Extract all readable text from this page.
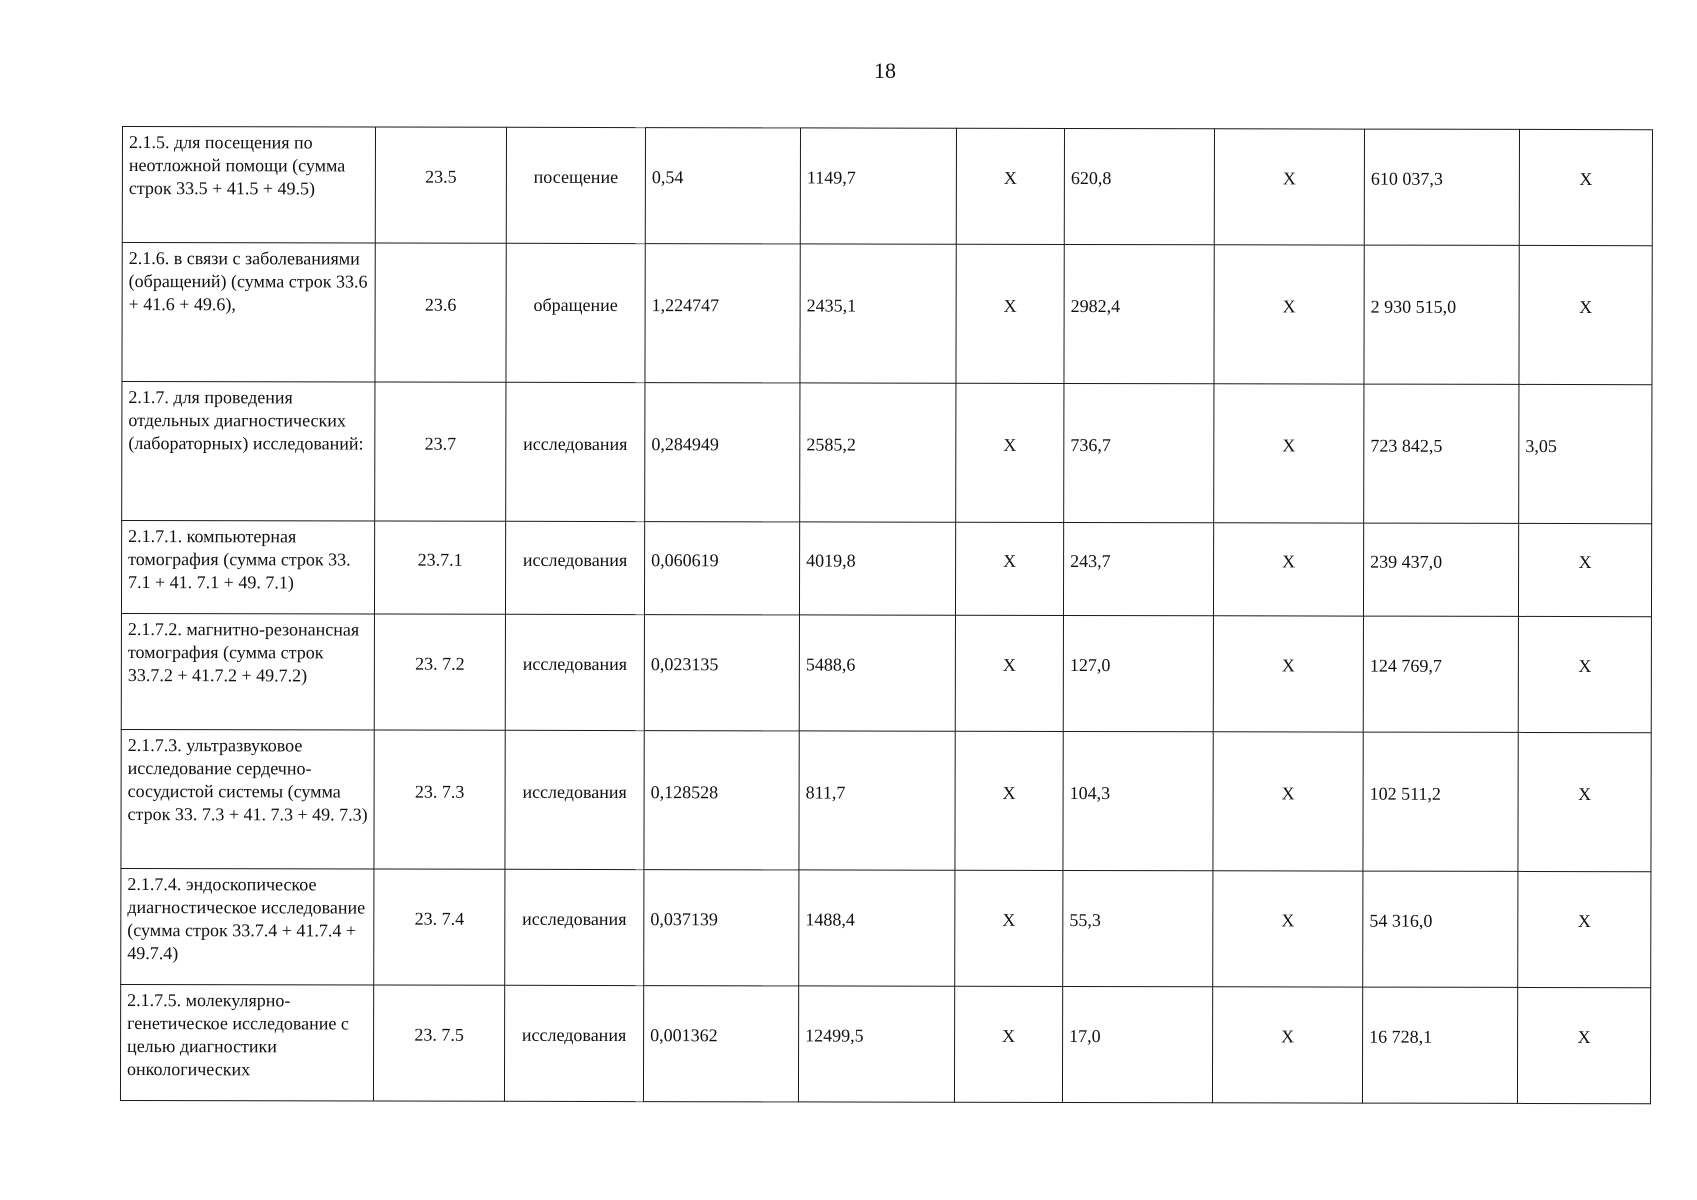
18
2.1.5. для посещения по неотложной помощи (сумма строк 33.5 + 41.5 + 49.5)	23.5	посещение	0,54	1149,7	X	620,8	X	610 037,3	X
2.1.6. в связи с заболеваниями (обращений) (сумма строк 33.6 + 41.6 + 49.6),	23.6	обращение	1,224747	2435,1	X	2982,4	X	2 930 515,0	X
2.1.7. для проведения отдельных диагностических (лабораторных) исследований:	23.7	исследования	0,284949	2585,2	X	736,7	X	723 842,5	3,05
2.1.7.1. компьютерная томография (сумма строк 33. 7.1 + 41. 7.1 + 49. 7.1)	23.7.1	исследования	0,060619	4019,8	X	243,7	X	239 437,0	X
2.1.7.2. магнитно-резонансная томография (сумма строк 33.7.2 + 41.7.2 + 49.7.2)	23. 7.2	исследования	0,023135	5488,6	X	127,0	X	124 769,7	X
2.1.7.3. ультразвуковое исследование сердечно-сосудистой системы (сумма строк 33. 7.3 + 41. 7.3 + 49. 7.3)	23. 7.3	исследования	0,128528	811,7	X	104,3	X	102 511,2	X
2.1.7.4. эндоскопическое диагностическое исследование (сумма строк 33.7.4 + 41.7.4 + 49.7.4)	23. 7.4	исследования	0,037139	1488,4	X	55,3	X	54 316,0	X
2.1.7.5. молекулярно-генетическое исследование с целью диагностики онкологических	23. 7.5	исследования	0,001362	12499,5	X	17,0	X	16 728,1	X
